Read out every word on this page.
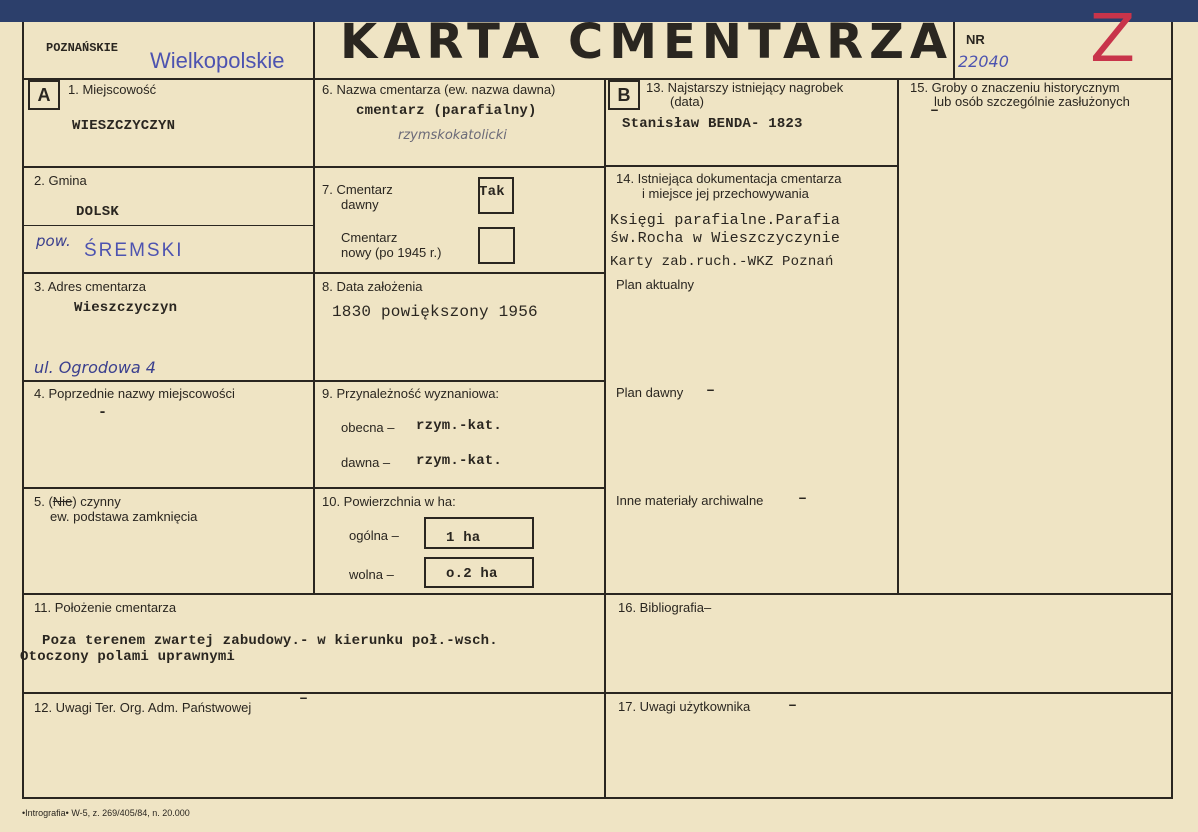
POZNAŃSKIE Wielkopolskie KARTA CMENTARZA NR
22040 Z
A	B
1. Miejscowość
WIESZCZYCZYN
2. Gmina
DOLSK
pow. ŚREMSKI
3. Adres cmentarza
Wieszczyczyn
ul. Ogrodowa 4
4. Poprzednie nazwy miejscowości
-
5. (Nie) czynny
ew. podstawa zamknięcia
6. Nazwa cmentarza (ew. nazwa dawna)
cmentarz (parafialny)
rzymskokatolicki
7. Cmentarz
dawny
Tak
Cmentarz
nowy (po 1945 r.)
8. Data założenia
1830 powiększony 1956
9. Przynależność wyznaniowa:
obecna – rzym.-kat.
dawna – rzym.-kat.
10. Powierzchnia w ha:
ogólna –	1 ha
wolna –	o.2 ha
11. Położenie cmentarza
Poza terenem zwartej zabudowy.- w kierunku poł.-wsch.
Otoczony polami uprawnymi
12. Uwagi Ter. Org. Adm. Państwowej
–
13. Najstarszy istniejący nagrobek
(data)
Stanisław BENDA- 1823
14. Istniejąca dokumentacja cmentarza
i miejsce jej przechowywania
Księgi parafialne.Parafia
św.Rocha w Wieszczyczynie
Karty zab.ruch.-WKZ Poznań
Plan aktualny
Plan dawny –
Inne materiały archiwalne –
15. Groby o znaczeniu historycznym
lub osób szczególnie zasłużonych
–
16. Bibliografia–
17. Uwagi użytkownika	–
•Intrografia• W-5, z. 269/405/84, n. 20.000
